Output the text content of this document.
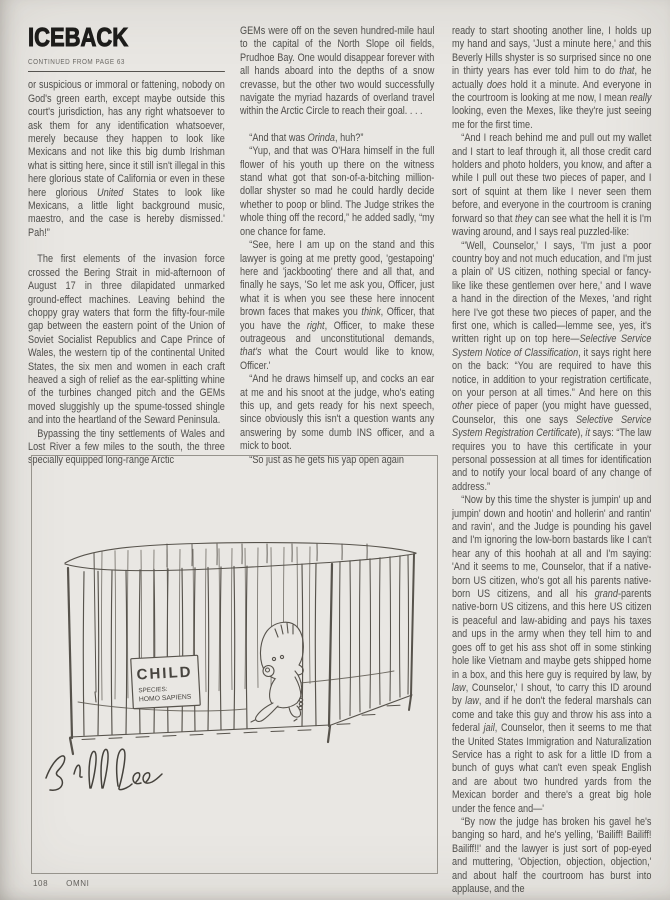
ICEBACK
CONTINUED FROM PAGE 63

or suspicious or immoral or fattening, nobody on God's green earth, except maybe outside this court's jurisdiction, has any right whatsoever to ask them for any identification whatsoever, merely because they happen to look like Mexicans and not like this big dumb Irishman what is sitting here, since it still isn't illegal in this here glorious state of California or even in these here glorious United States to look like Mexicans, a little light background music, maestro, and the case is hereby dismissed.' Pah!”

The first elements of the invasion force crossed the Bering Strait in mid-afternoon of August 17 in three dilapidated unmarked ground-effect machines. Leaving behind the choppy gray waters that form the fifty-four-mile gap between the eastern point of the Union of Soviet Socialist Republics and Cape Prince of Wales, the western tip of the continental United States, the six men and women in each craft heaved a sigh of relief as the ear-splitting whine of the turbines changed pitch and the GEMs moved sluggishly up the spume-tossed shingle and into the heartland of the Seward Peninsula.

Bypassing the tiny settlements of Wales and Lost River a few miles to the south, the three specially equipped long-range Arctic

GEMs were off on the seven hundred-mile haul to the capital of the North Slope oil fields, Prudhoe Bay. One would disappear forever with all hands aboard into the depths of a snow crevasse, but the other two would successfully navigate the myriad hazards of overland travel within the Arctic Circle to reach their goal. . . .

“And that was Orinda, huh?”

“Yup, and that was O'Hara himself in the full flower of his youth up there on the witness stand what got that son-of-a-bitching million-dollar shyster so mad he could hardly decide whether to poop or blind. The Judge strikes the whole thing off the record,” he added sadly, “my one chance for fame.

“See, here I am up on the stand and this lawyer is going at me pretty good, 'gestapoing' here and 'jackbooting' there and all that, and finally he says, 'So let me ask you, Officer, just what it is when you see these here innocent brown faces that makes you think, Officer, that you have the right, Officer, to make these outrageous and unconstitutional demands, that's what the Court would like to know, Officer.'

“And he draws himself up, and cocks an ear at me and his snoot at the judge, who's eating this up, and gets ready for his next speech, since obviously this isn't a question wants any answering by some dumb INS officer, and a mick to boot.

“So just as he gets his yap open again

ready to start shooting another line, I holds up my hand and says, 'Just a minute here,' and this Beverly Hills shyster is so surprised since no one in thirty years has ever told him to do that, he actually does hold it a minute. And everyone in the courtroom is looking at me now, I mean really looking, even the Mexes, like they're just seeing me for the first time.

“And I reach behind me and pull out my wallet and I start to leaf through it, all those credit card holders and photo holders, you know, and after a while I pull out these two pieces of paper, and I sort of squint at them like I never seen them before, and everyone in the courtroom is craning forward so that they can see what the hell it is I'm waving around, and I says real puzzled-like:

“'Well, Counselor,' I says, 'I'm just a poor country boy and not much education, and I'm just a plain ol' US citizen, nothing special or fancy-like like these gentlemen over here,' and I wave a hand in the direction of the Mexes, 'and right here I've got these two pieces of paper, and the first one, which is called—lemme see, yes, it's written right up on top here—Selective Service System Notice of Classification, it says right here on the back: “You are required to have this notice, in addition to your registration certificate, on your person at all times.” And here on this other piece of paper (you might have guessed, Counselor, this one says Selective Service System Registration Certificate), it says: “The law requires you to have this certificate in your personal possession at all times for identification and to notify your local board of any change of address.”

“Now by this time the shyster is jumpin' up and jumpin' down and hootin' and hollerin' and rantin' and ravin', and the Judge is pounding his gavel and I'm ignoring the low-born bastards like I can't hear any of this hoohah at all and I'm saying: 'And it seems to me, Counselor, that if a native-born US citizen, who's got all his parents native-born US citizens, and all his grand-parents native-born US citizens, and this here US citizen is peaceful and law-abiding and pays his taxes and ups in the army when they tell him to and goes off to get his ass shot off in some stinking hole like Vietnam and maybe gets shipped home in a box, and this here guy is required by law, by law, Counselor,' I shout, 'to carry this ID around by law, and if he don't the federal marshals can come and take this guy and throw his ass into a federal jail, Counselor, then it seems to me that the United States Immigration and Naturalization Service has a right to ask for a little ID from a bunch of guys what can't even speak English and are about two hundred yards from the Mexican border and there's a great big hole under the fence and—'

“By now the judge has broken his gavel he's banging so hard, and he's yelling, 'Bailiff! Bailiff! Bailiff!!' and the lawyer is just sort of pop-eyed and muttering, 'Objection, objection, objection,' and about half the courtroom has burst into applause, and the

CHILD
SPECIES:
HOMO SAPIENS
108 OMNI
